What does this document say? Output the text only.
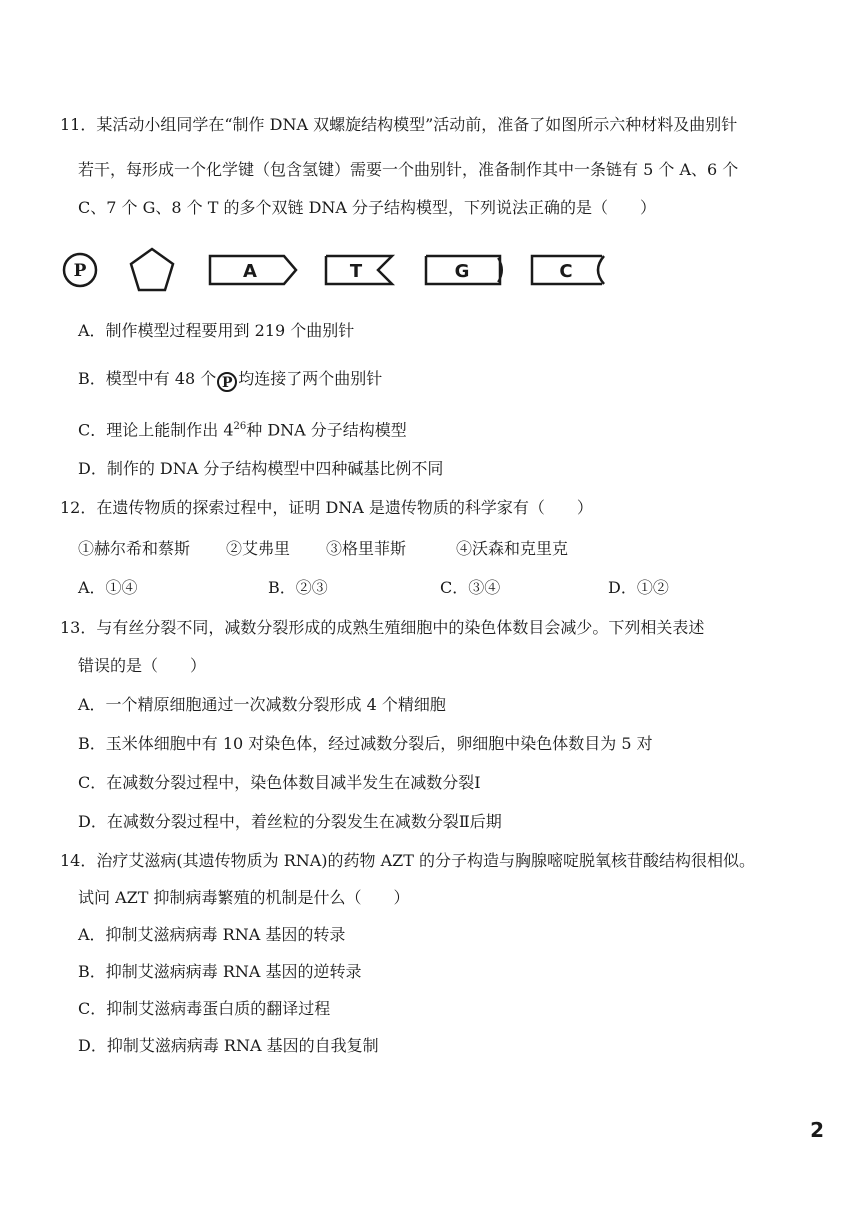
11．某活动小组同学在“制作 DNA 双螺旋结构模型”活动前，准备了如图所示六种材料及曲别针
若干，每形成一个化学键（包含氢键）需要一个曲别针，准备制作其中一条链有 5 个 A、6 个
C、7 个 G、8 个 T 的多个双链 DNA 分子结构模型，下列说法正确的是（　　）
P	A	T	G	C
A．制作模型过程要用到 219 个曲别针
B．模型中有 48 个 P 均连接了两个曲别针
C．理论上能制作出 $4^{26}$种 DNA 分子结构模型
D．制作的 DNA 分子结构模型中四种碱基比例不同
12．在遗传物质的探索过程中，证明 DNA 是遗传物质的科学家有（　　）
①赫尔希和蔡斯 ②艾弗里 ③格里菲斯	④沃森和克里克
A．①④	B．②③	C．③④	D．①②
13．与有丝分裂不同，减数分裂形成的成熟生殖细胞中的染色体数目会减少。下列相关表述
错误的是（　　）
A．一个精原细胞通过一次减数分裂形成 4 个精细胞
B．玉米体细胞中有 10 对染色体，经过减数分裂后，卵细胞中染色体数目为 5 对
C．在减数分裂过程中，染色体数目减半发生在减数分裂Ⅰ
D．在减数分裂过程中，着丝粒的分裂发生在减数分裂Ⅱ后期
14．治疗艾滋病(其遗传物质为 RNA)的药物 AZT 的分子构造与胸腺嘧啶脱氧核苷酸结构很相似。
试问 AZT 抑制病毒繁殖的机制是什么（　　）
A．抑制艾滋病病毒 RNA 基因的转录
B．抑制艾滋病病毒 RNA 基因的逆转录
C．抑制艾滋病毒蛋白质的翻译过程
D．抑制艾滋病病毒 RNA 基因的自我复制
2
